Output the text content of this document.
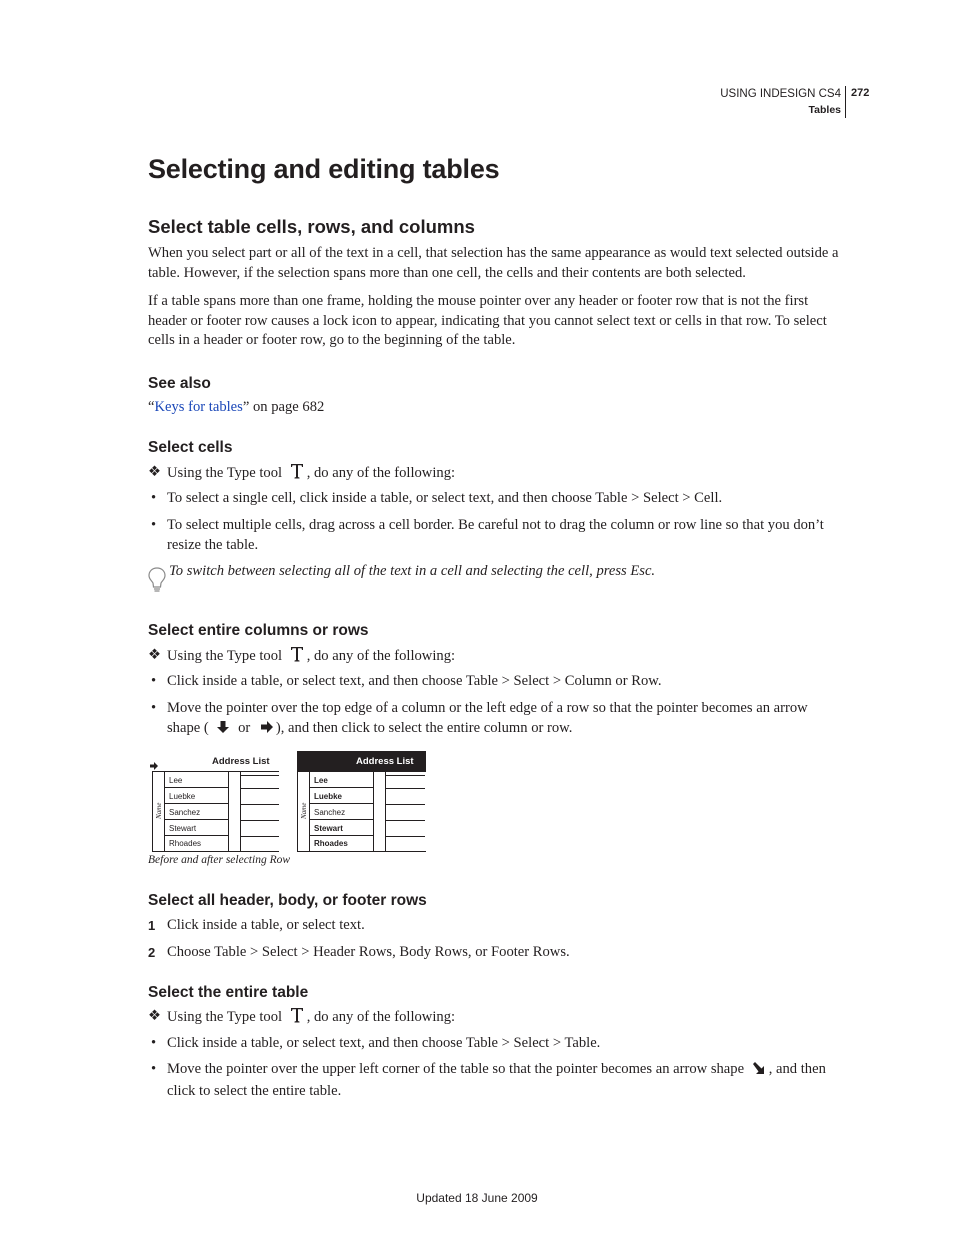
USING INDESIGN CS4
Tables
272
Selecting and editing tables
Select table cells, rows, and columns

When you select part or all of the text in a cell, that selection has the same appearance as would text selected outside a table. However, if the selection spans more than one cell, the cells and their contents are both selected.

If a table spans more than one frame, holding the mouse pointer over any header or footer row that is not the first header or footer row causes a lock icon to appear, indicating that you cannot select text or cells in that row. To select cells in a header or footer row, go to the beginning of the table.

See also
“Keys for tables” on page 682
Select cells
❖ Using the Type tool , do any of the following:
• To select a single cell, click inside a table, or select text, and then choose Table > Select > Cell.
• To select multiple cells, drag across a cell border. Be careful not to drag the column or row line so that you don’t resize the table.
To switch between selecting all of the text in a cell and selecting the cell, press Esc.
Select entire columns or rows
❖ Using the Type tool , do any of the following:
• Click inside a table, or select text, and then choose Table > Select > Column or Row.
• Move the pointer over the top edge of a column or the left edge of a row so that the pointer becomes an arrow shape ( or ), and then click to select the entire column or row.
Address List
Name
Lee
Luebke
Sanchez
Stewart
Rhoades
Address List
Name
Lee
Luebke
Sanchez
Stewart
Rhoades
Before and after selecting Row
Select all header, body, or footer rows
1 Click inside a table, or select text.
2 Choose Table > Select > Header Rows, Body Rows, or Footer Rows.
Select the entire table
❖ Using the Type tool , do any of the following:
• Click inside a table, or select text, and then choose Table > Select > Table.
• Move the pointer over the upper left corner of the table so that the pointer becomes an arrow shape , and then click to select the entire table.
Updated 18 June 2009
